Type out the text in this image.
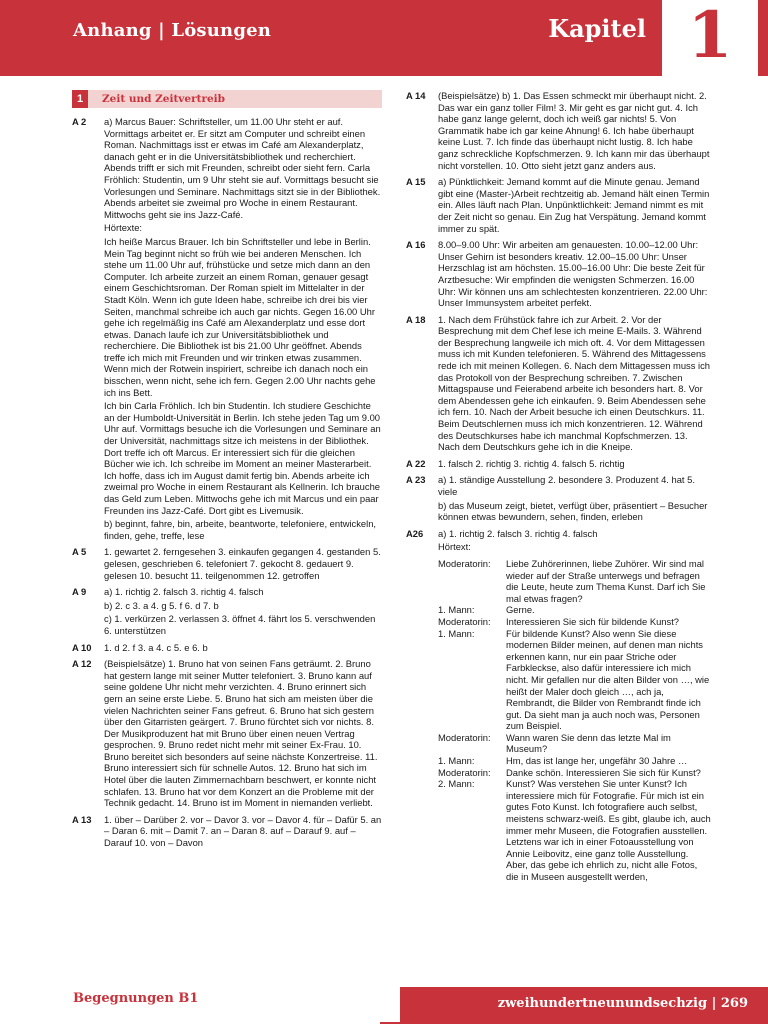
Anhang | Lösungen	Kapitel 1
1	Zeit und Zeitvertreib
A 2	a) Marcus Bauer: Schriftsteller, um 11.00 Uhr steht er auf. Vormittags arbeitet er. Er sitzt am Computer und schreibt einen Roman. Nachmittags isst er etwas im Café am Alexanderplatz, danach geht er in die Universitätsbibliothek und recherchiert. Abends trifft er sich mit Freunden, schreibt oder sieht fern. Carla Fröhlich: Studentin, um 9 Uhr steht sie auf. Vormittags besucht sie Vorlesungen und Seminare. Nachmittags sitzt sie in der Bibliothek. Abends arbeitet sie zweimal pro Woche in einem Restaurant. Mittwochs geht sie ins Jazz-Café.

Hörtexte:

Ich heiße Marcus Brauer. Ich bin Schriftsteller und lebe in Berlin. Mein Tag beginnt nicht so früh wie bei anderen Menschen. Ich stehe um 11.00 Uhr auf, frühstücke und setze mich dann an den Computer. Ich arbeite zurzeit an einem Roman, genauer gesagt einem Geschichtsroman. Der Roman spielt im Mittelalter in der Stadt Köln. Wenn ich gute Ideen habe, schreibe ich drei bis vier Seiten, manchmal schreibe ich auch gar nichts. Gegen 16.00 Uhr gehe ich regelmäßig ins Café am Alexanderplatz und esse dort etwas. Danach laufe ich zur Universitätsbibliothek und recherchiere. Die Bibliothek ist bis 21.00 Uhr geöffnet. Abends treffe ich mich mit Freunden und wir trinken etwas zusammen. Wenn mich der Rotwein inspiriert, schreibe ich danach noch ein bisschen, wenn nicht, sehe ich fern. Gegen 2.00 Uhr nachts gehe ich ins Bett.

Ich bin Carla Fröhlich. Ich bin Studentin. Ich studiere Geschichte an der Humboldt-Universität in Berlin. Ich stehe jeden Tag um 9.00 Uhr auf. Vormittags besuche ich die Vorlesungen und Seminare an der Universität, nachmittags sitze ich meistens in der Bibliothek. Dort treffe ich oft Marcus. Er interessiert sich für die gleichen Bücher wie ich. Ich schreibe im Moment an meiner Masterarbeit. Ich hoffe, dass ich im August damit fertig bin. Abends arbeite ich zweimal pro Woche in einem Restaurant als Kellnerin. Ich brauche das Geld zum Leben. Mittwochs gehe ich mit Marcus und ein paar Freunden ins Jazz-Café. Dort gibt es Livemusik.

b) beginnt, fahre, bin, arbeite, beantworte, telefoniere, entwickeln, finden, gehe, treffe, lese

A 5	1. gewartet 2. ferngesehen 3. einkaufen gegangen 4. gestanden 5. gelesen, geschrieben 6. telefoniert 7. gekocht 8. gedauert 9. gelesen 10. besucht 11. teilgenommen 12. getroffen

A 9	a) 1. richtig 2. falsch 3. richtig 4. falsch

b) 2. c 3. a 4. g 5. f 6. d 7. b

c) 1. verkürzen 2. verlassen 3. öffnet 4. fährt los 5. verschwenden 6. unterstützen

A 10	1. d 2. f 3. a 4. c 5. e 6. b

A 12	(Beispielsätze) 1. Bruno hat von seinen Fans geträumt. 2. Bruno hat gestern lange mit seiner Mutter telefoniert. 3. Bruno kann auf seine goldene Uhr nicht mehr verzichten. 4. Bruno erinnert sich gern an seine erste Liebe. 5. Bruno hat sich am meisten über die vielen Nachrichten seiner Fans gefreut. 6. Bruno hat sich gestern über den Gitarristen geärgert. 7. Bruno fürchtet sich vor nichts. 8. Der Musikproduzent hat mit Bruno über einen neuen Vertrag gesprochen. 9. Bruno redet nicht mehr mit seiner Ex-Frau. 10. Bruno bereitet sich besonders auf seine nächste Konzertreise. 11. Bruno interessiert sich für schnelle Autos. 12. Bruno hat sich im Hotel über die lauten Zimmernachbarn beschwert, er konnte nicht schlafen. 13. Bruno hat vor dem Konzert an die Probleme mit der Technik gedacht. 14. Bruno ist im Moment in niemanden verliebt.

A 13	1. über – Darüber 2. vor – Davor 3. vor – Davor 4. für – Dafür 5. an – Daran 6. mit – Damit 7. an – Daran 8. auf – Darauf 9. auf – Darauf 10. von – Davon

A 14	(Beispielsätze) b) 1. Das Essen schmeckt mir überhaupt nicht. 2. Das war ein ganz toller Film! 3. Mir geht es gar nicht gut. 4. Ich habe ganz lange gelernt, doch ich weiß gar nichts! 5. Von Grammatik habe ich gar keine Ahnung! 6. Ich habe überhaupt keine Lust. 7. Ich finde das überhaupt nicht lustig. 8. Ich habe ganz schreckliche Kopfschmerzen. 9. Ich kann mir das überhaupt nicht vorstellen. 10. Otto sieht jetzt ganz anders aus.

A 15	a) Pünktlichkeit: Jemand kommt auf die Minute genau. Jemand gibt eine (Master-)Arbeit rechtzeitig ab. Jemand hält einen Termin ein. Alles läuft nach Plan. Unpünktlichkeit: Jemand nimmt es mit der Zeit nicht so genau. Ein Zug hat Verspätung. Jemand kommt immer zu spät.

A 16	8.00–9.00 Uhr: Wir arbeiten am genauesten. 10.00–12.00 Uhr: Unser Gehirn ist besonders kreativ. 12.00–15.00 Uhr: Unser Herzschlag ist am höchsten. 15.00–16.00 Uhr: Die beste Zeit für Arztbesuche: Wir empfinden die wenigsten Schmerzen. 16.00 Uhr: Wir können uns am schlechtesten konzentrieren. 22.00 Uhr: Unser Immunsystem arbeitet perfekt.

A 18	1. Nach dem Frühstück fahre ich zur Arbeit. 2. Vor der Besprechung mit dem Chef lese ich meine E-Mails. 3. Während der Besprechung langweile ich mich oft. 4. Vor dem Mittagessen muss ich mit Kunden telefonieren. 5. Während des Mittagessens rede ich mit meinen Kollegen. 6. Nach dem Mittagessen muss ich das Protokoll von der Besprechung schreiben. 7. Zwischen Mittagspause und Feierabend arbeite ich besonders hart. 8. Vor dem Abendessen gehe ich einkaufen. 9. Beim Abendessen sehe ich fern. 10. Nach der Arbeit besuche ich einen Deutschkurs. 11. Beim Deutschlernen muss ich mich konzentrieren. 12. Während des Deutschkurses habe ich manchmal Kopfschmerzen. 13. Nach dem Deutschkurs gehe ich in die Kneipe.

A 22	1. falsch 2. richtig 3. richtig 4. falsch 5. richtig

A 23	a) 1. ständige Ausstellung 2. besondere 3. Produzent 4. hat 5. viele

b) das Museum zeigt, bietet, verfügt über, präsentiert – Besucher können etwas bewundern, sehen, finden, erleben

A26	a) 1. richtig 2. falsch 3. richtig 4. falsch

Hörtext:

Moderatorin:	Liebe Zuhörerinnen, liebe Zuhörer. Wir sind mal wieder auf der Straße unterwegs und befragen die Leute, heute zum Thema Kunst. Darf ich Sie mal etwas fragen?
1. Mann:	Gerne.
Moderatorin:	Interessieren Sie sich für bildende Kunst?
1. Mann:	Für bildende Kunst? Also wenn Sie diese modernen Bilder meinen, auf denen man nichts erkennen kann, nur ein paar Striche oder Farbkleckse, also dafür interessiere ich mich nicht. Mir gefallen nur die alten Bilder von …, wie heißt der Maler doch gleich …, ach ja, Rembrandt, die Bilder von Rembrandt finde ich gut. Da sieht man ja auch noch was, Personen zum Beispiel.
Moderatorin:	Wann waren Sie denn das letzte Mal im Museum?
1. Mann:	Hm, das ist lange her, ungefähr 30 Jahre …
Moderatorin:	Danke schön. Interessieren Sie sich für Kunst?
2. Mann:	Kunst? Was verstehen Sie unter Kunst? Ich interessiere mich für Fotografie. Für mich ist ein gutes Foto Kunst. Ich fotografiere auch selbst, meistens schwarz-weiß. Es gibt, glaube ich, auch immer mehr Museen, die Fotografien ausstellen. Letztens war ich in einer Fotoausstellung von Annie Leibovitz, eine ganz tolle Ausstellung. Aber, das gebe ich ehrlich zu, nicht alle Fotos, die in Museen ausgestellt werden,
Begegnungen B1	zweihundertneunundsechzig | 269
